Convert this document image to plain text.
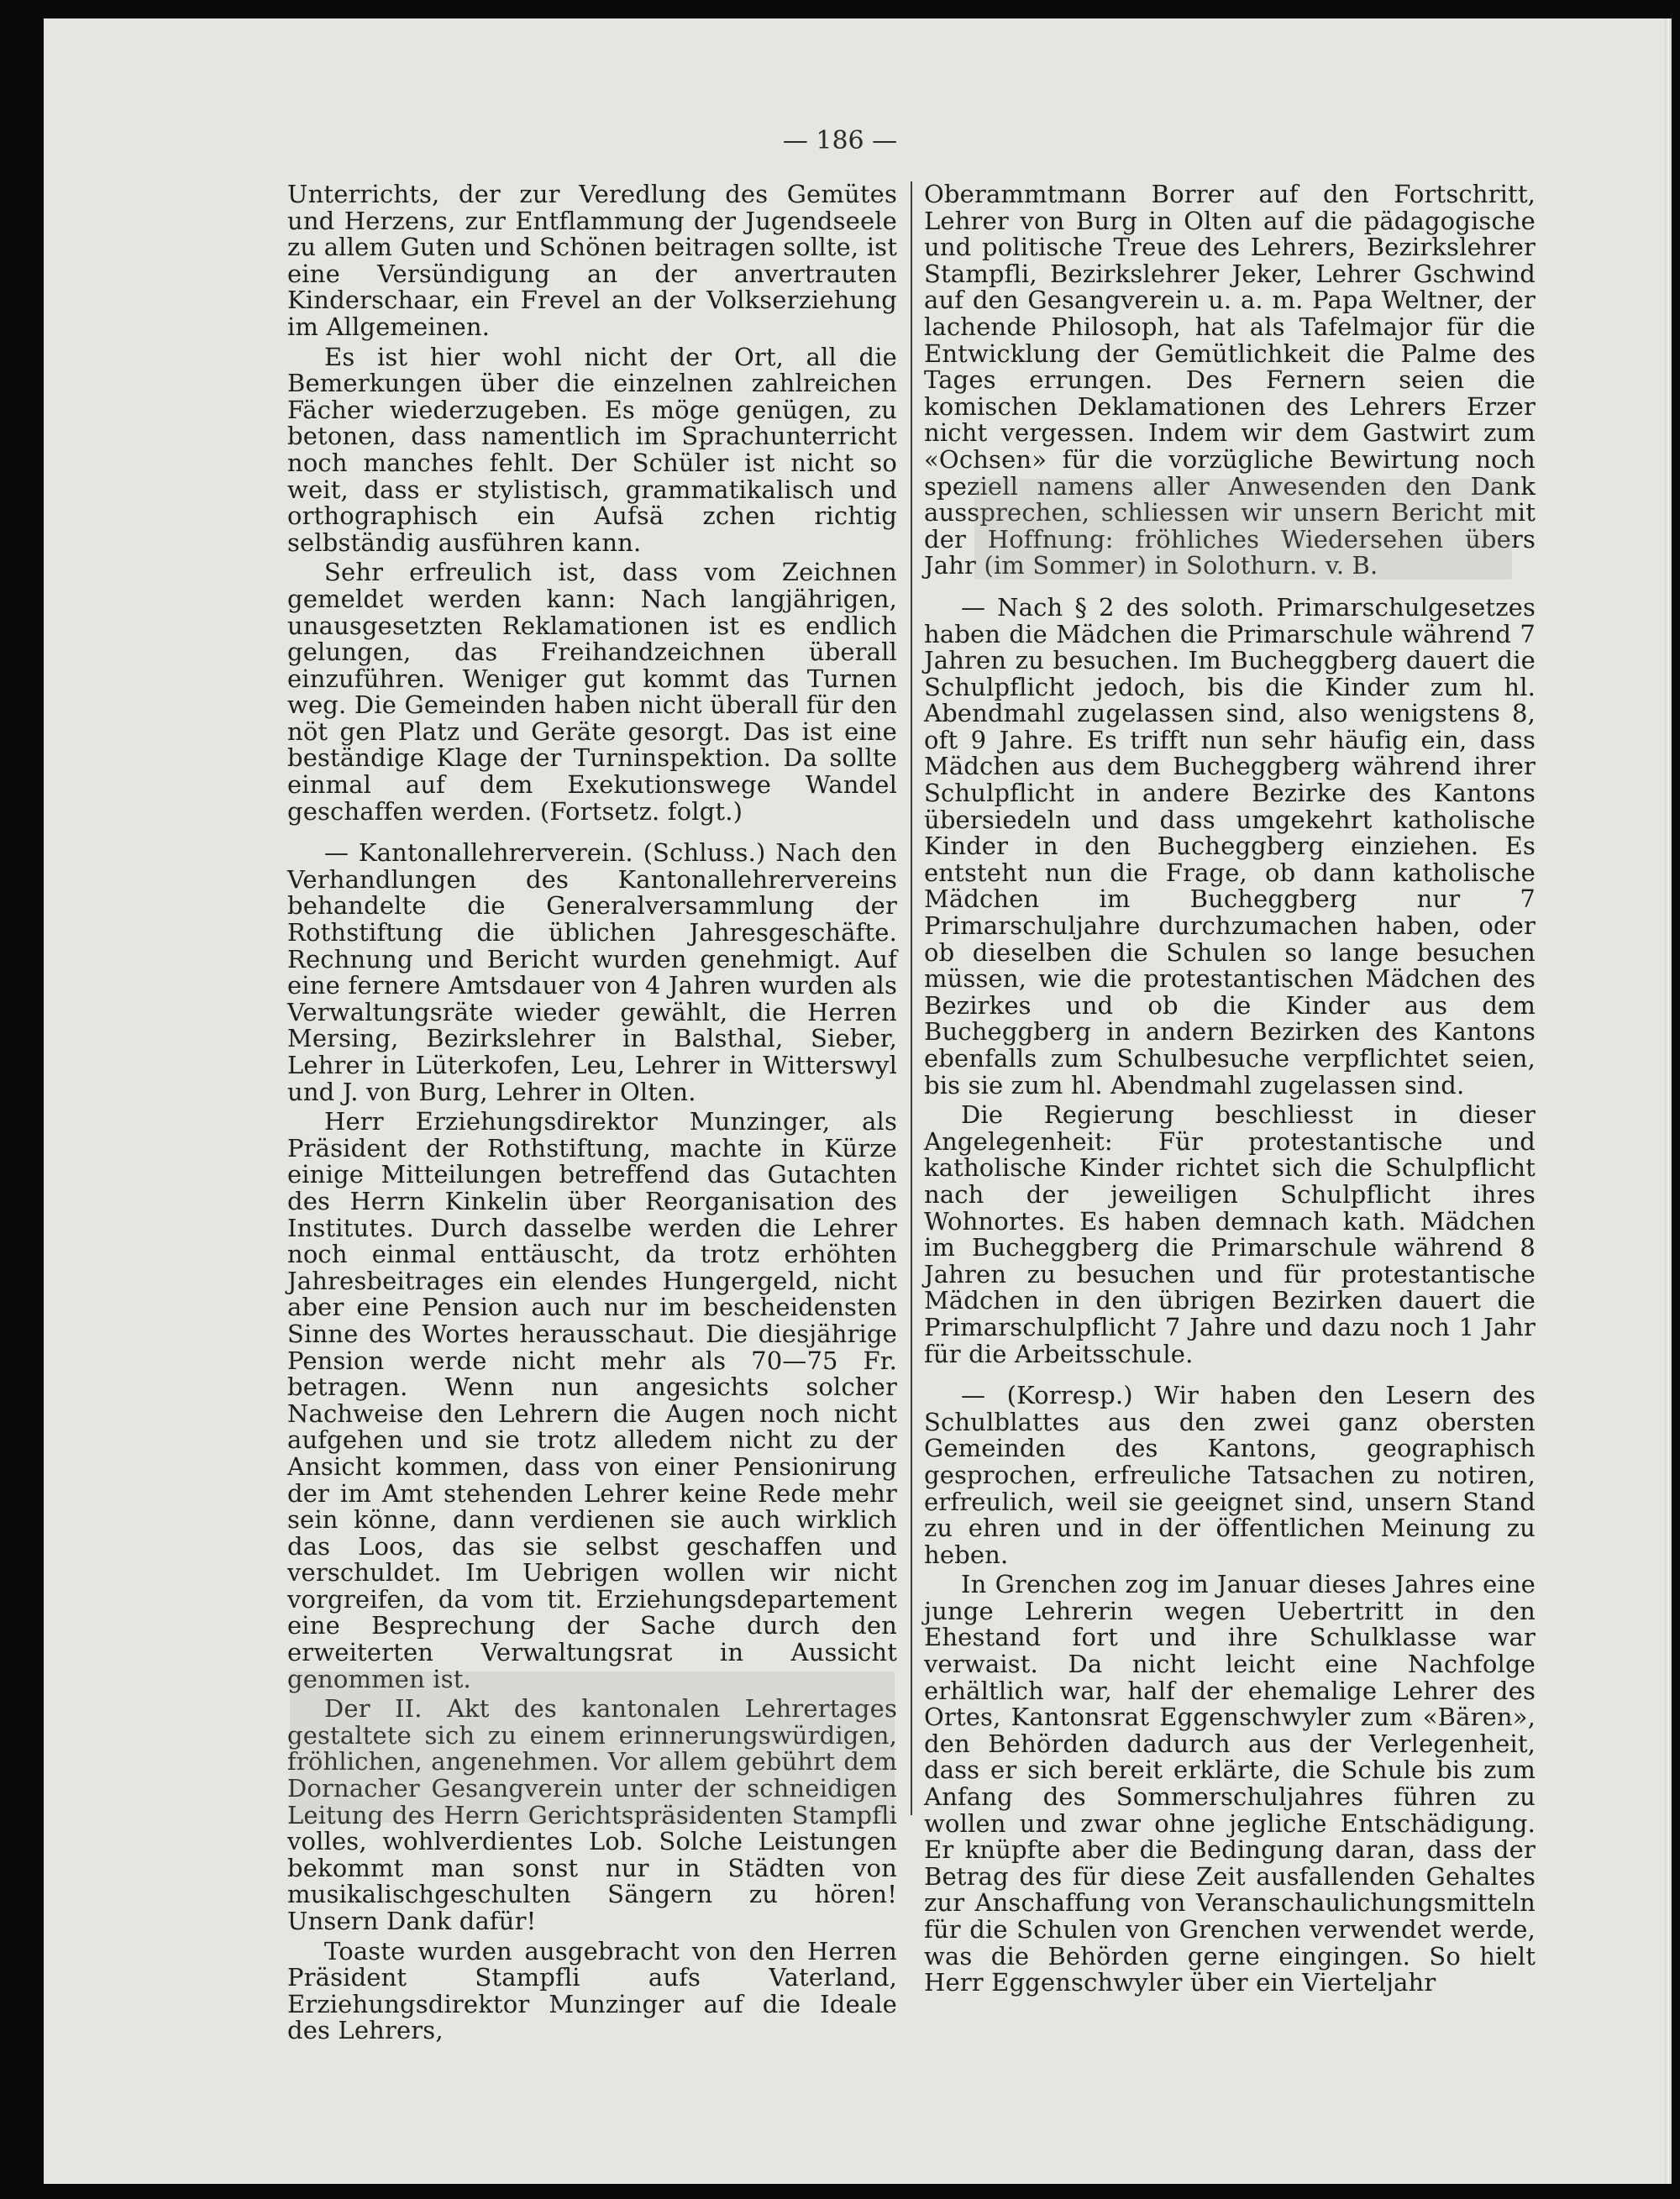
— 186 —

Unterrichts, der zur Veredlung des Gemütes und Herzens, zur Entflammung der Jugendseele zu allem Guten und Schönen beitragen sollte, ist eine Versündigung an der anvertrauten Kinderschaar, ein Frevel an der Volkserziehung im Allgemeinen.

Es ist hier wohl nicht der Ort, all die Bemerkungen über die einzelnen zahlreichen Fächer wiederzugeben. Es möge genügen, zu betonen, dass namentlich im Sprachunterricht noch manches fehlt. Der Schüler ist nicht so weit, dass er stylistisch, grammatikalisch und orthographisch ein Aufsä zchen richtig selbständig ausführen kann.

Sehr erfreulich ist, dass vom Zeichnen gemeldet werden kann: Nach langjährigen, unausgesetzten Reklamationen ist es endlich gelungen, das Freihandzeichnen überall einzuführen. Weniger gut kommt das Turnen weg. Die Gemeinden haben nicht überall für den nöt gen Platz und Geräte gesorgt. Das ist eine beständige Klage der Turninspektion. Da sollte einmal auf dem Exekutionswege Wandel geschaffen werden. (Fortsetz. folgt.)

— Kantonallehrerverein. (Schluss.) Nach den Verhandlungen des Kantonallehrervereins behandelte die Generalversammlung der Rothstiftung die üblichen Jahresgeschäfte. Rechnung und Bericht wurden genehmigt. Auf eine fernere Amtsdauer von 4 Jahren wurden als Verwaltungsräte wieder gewählt, die Herren Mersing, Bezirkslehrer in Balsthal, Sieber, Lehrer in Lüterkofen, Leu, Lehrer in Witterswyl und J. von Burg, Lehrer in Olten.

Herr Erziehungsdirektor Munzinger, als Präsident der Rothstiftung, machte in Kürze einige Mitteilungen betreffend das Gutachten des Herrn Kinkelin über Reorganisation des Institutes. Durch dasselbe werden die Lehrer noch einmal enttäuscht, da trotz erhöhten Jahresbeitrages ein elendes Hungergeld, nicht aber eine Pension auch nur im bescheidensten Sinne des Wortes herausschaut. Die diesjährige Pension werde nicht mehr als 70—75 Fr. betragen. Wenn nun angesichts solcher Nachweise den Lehrern die Augen noch nicht aufgehen und sie trotz alledem nicht zu der Ansicht kommen, dass von einer Pensionirung der im Amt stehenden Lehrer keine Rede mehr sein könne, dann verdienen sie auch wirklich das Loos, das sie selbst geschaffen und verschuldet. Im Uebrigen wollen wir nicht vorgreifen, da vom tit. Erziehungsdepartement eine Besprechung der Sache durch den erweiterten Verwaltungsrat in Aussicht genommen ist.

Der II. Akt des kantonalen Lehrertages gestaltete sich zu einem erinnerungswürdigen, fröhlichen, angenehmen. Vor allem gebührt dem Dornacher Gesangverein unter der schneidigen Leitung des Herrn Gerichtspräsidenten Stampfli volles, wohlverdientes Lob. Solche Leistungen bekommt man sonst nur in Städten von musikalischgeschulten Sängern zu hören! Unsern Dank dafür!

Toaste wurden ausgebracht von den Herren Präsident Stampfli aufs Vaterland, Erziehungsdirektor Munzinger auf die Ideale des Lehrers,

Oberammtmann Borrer auf den Fortschritt, Lehrer von Burg in Olten auf die pädagogische und politische Treue des Lehrers, Bezirkslehrer Stampfli, Bezirkslehrer Jeker, Lehrer Gschwind auf den Gesangverein u. a. m. Papa Weltner, der lachende Philosoph, hat als Tafelmajor für die Entwicklung der Gemütlichkeit die Palme des Tages errungen. Des Fernern seien die komischen Deklamationen des Lehrers Erzer nicht vergessen. Indem wir dem Gastwirt zum «Ochsen» für die vorzügliche Bewirtung noch speziell namens aller Anwesenden den Dank aussprechen, schliessen wir unsern Bericht mit der Hoffnung: fröhliches Wiedersehen übers Jahr (im Sommer) in Solothurn. v. B.

— Nach § 2 des soloth. Primarschulgesetzes haben die Mädchen die Primarschule während 7 Jahren zu besuchen. Im Bucheggberg dauert die Schulpflicht jedoch, bis die Kinder zum hl. Abendmahl zugelassen sind, also wenigstens 8, oft 9 Jahre. Es trifft nun sehr häufig ein, dass Mädchen aus dem Bucheggberg während ihrer Schulpflicht in andere Bezirke des Kantons übersiedeln und dass umgekehrt katholische Kinder in den Bucheggberg einziehen. Es entsteht nun die Frage, ob dann katholische Mädchen im Bucheggberg nur 7 Primarschuljahre durchzumachen haben, oder ob dieselben die Schulen so lange besuchen müssen, wie die protestantischen Mädchen des Bezirkes und ob die Kinder aus dem Bucheggberg in andern Bezirken des Kantons ebenfalls zum Schulbesuche verpflichtet seien, bis sie zum hl. Abendmahl zugelassen sind.

Die Regierung beschliesst in dieser Angelegenheit: Für protestantische und katholische Kinder richtet sich die Schulpflicht nach der jeweiligen Schulpflicht ihres Wohnortes. Es haben demnach kath. Mädchen im Bucheggberg die Primarschule während 8 Jahren zu besuchen und für protestantische Mädchen in den übrigen Bezirken dauert die Primarschulpflicht 7 Jahre und dazu noch 1 Jahr für die Arbeitsschule.

— (Korresp.) Wir haben den Lesern des Schulblattes aus den zwei ganz obersten Gemeinden des Kantons, geographisch gesprochen, erfreuliche Tatsachen zu notiren, erfreulich, weil sie geeignet sind, unsern Stand zu ehren und in der öffentlichen Meinung zu heben.

In Grenchen zog im Januar dieses Jahres eine junge Lehrerin wegen Uebertritt in den Ehestand fort und ihre Schulklasse war verwaist. Da nicht leicht eine Nachfolge erhältlich war, half der ehemalige Lehrer des Ortes, Kantonsrat Eggenschwyler zum «Bären», den Behörden dadurch aus der Verlegenheit, dass er sich bereit erklärte, die Schule bis zum Anfang des Sommerschuljahres führen zu wollen und zwar ohne jegliche Entschädigung. Er knüpfte aber die Bedingung daran, dass der Betrag des für diese Zeit ausfallenden Gehaltes zur Anschaffung von Veranschaulichungsmitteln für die Schulen von Grenchen verwendet werde, was die Behörden gerne eingingen. So hielt Herr Eggenschwyler über ein Vierteljahr
